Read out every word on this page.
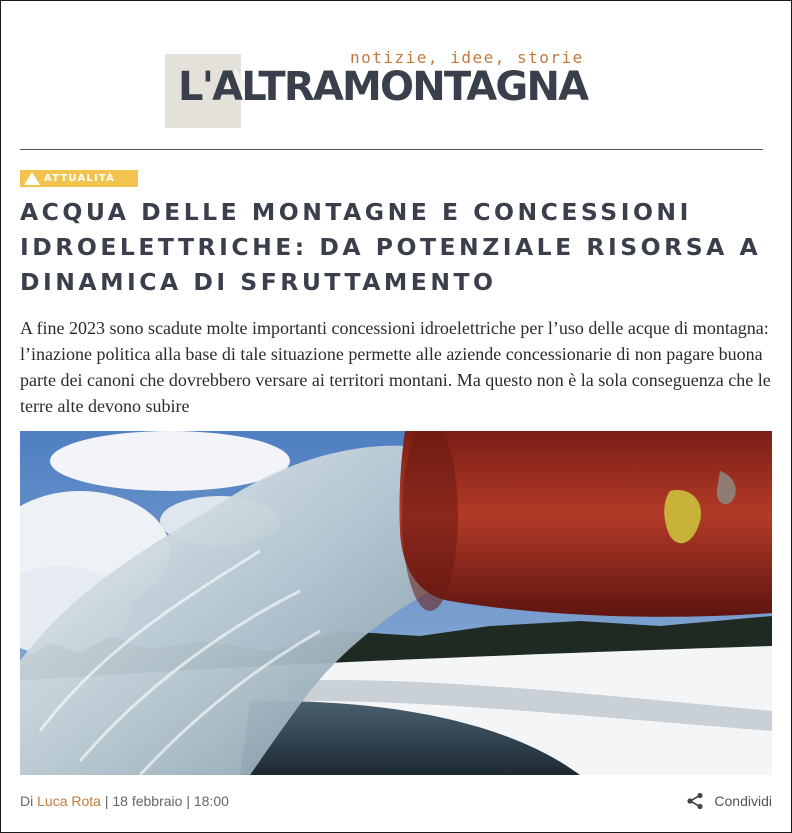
notizie, idee, storie
L'ALTRAMONTAGNA
ATTUALITÀ
ACQUA DELLE MONTAGNE E CONCESSIONI IDROELETTRICHE: DA POTENZIALE RISORSA A DINAMICA DI SFRUTTAMENTO

A fine 2023 sono scadute molte importanti concessioni idroelettriche per l’uso delle acque di montagna: l’inazione politica alla base di tale situazione permette alle aziende concessionarie di non pagare buona parte dei canoni che dovrebbero versare ai territori montani. Ma questo non è la sola conseguenza che le terre alte devono subire

Di Luca Rota | 18 febbraio | 18:00	Condividi
